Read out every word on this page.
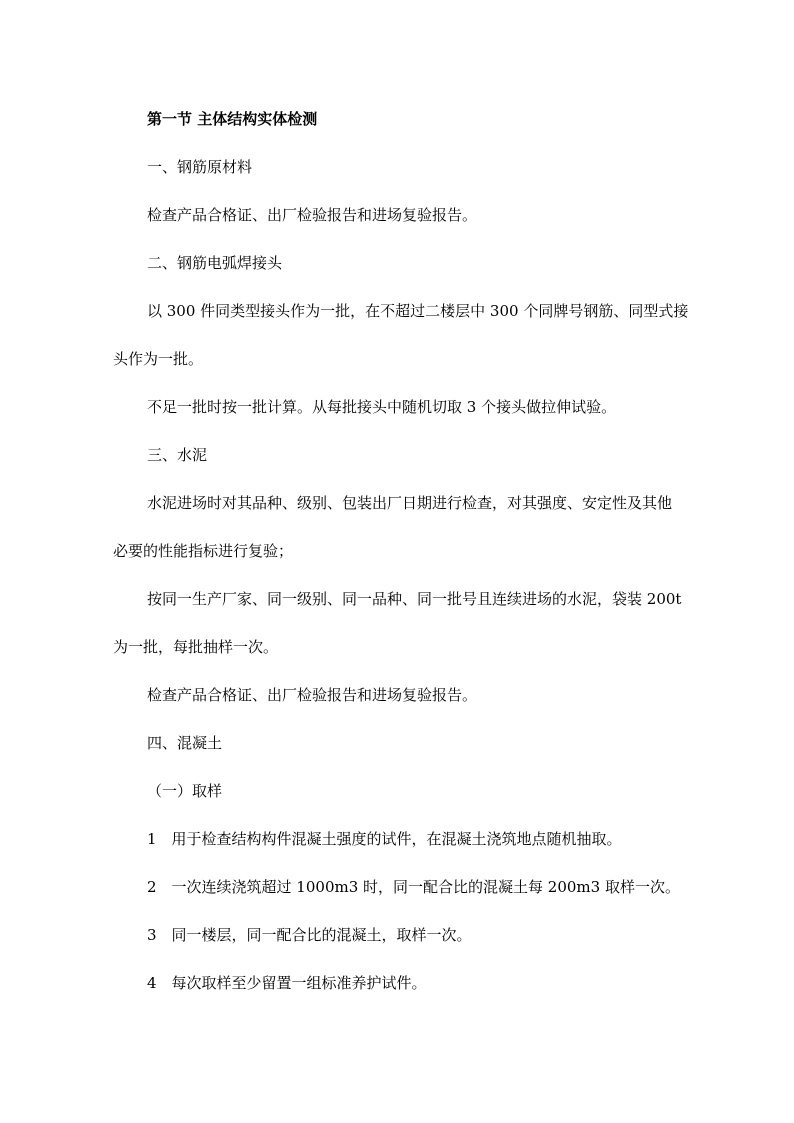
第一节 主体结构实体检测
一、钢筋原材料
检查产品合格证、出厂检验报告和进场复验报告。
二、钢筋电弧焊接头
以 300 件同类型接头作为一批，在不超过二楼层中 300 个同牌号钢筋、同型式接
头作为一批。
不足一批时按一批计算。从每批接头中随机切取 3 个接头做拉伸试验。
三、水泥
水泥进场时对其品种、级别、包装出厂日期进行检查，对其强度、安定性及其他
必要的性能指标进行复验；
按同一生产厂家、同一级别、同一品种、同一批号且连续进场的水泥，袋装 200t
为一批，每批抽样一次。
检查产品合格证、出厂检验报告和进场复验报告。
四、混凝土
（一）取样
1　用于检查结构构件混凝土强度的试件，在混凝土浇筑地点随机抽取。
2　一次连续浇筑超过 1000m3 时，同一配合比的混凝土每 200m3 取样一次。
3　同一楼层，同一配合比的混凝土，取样一次。
4　每次取样至少留置一组标准养护试件。
